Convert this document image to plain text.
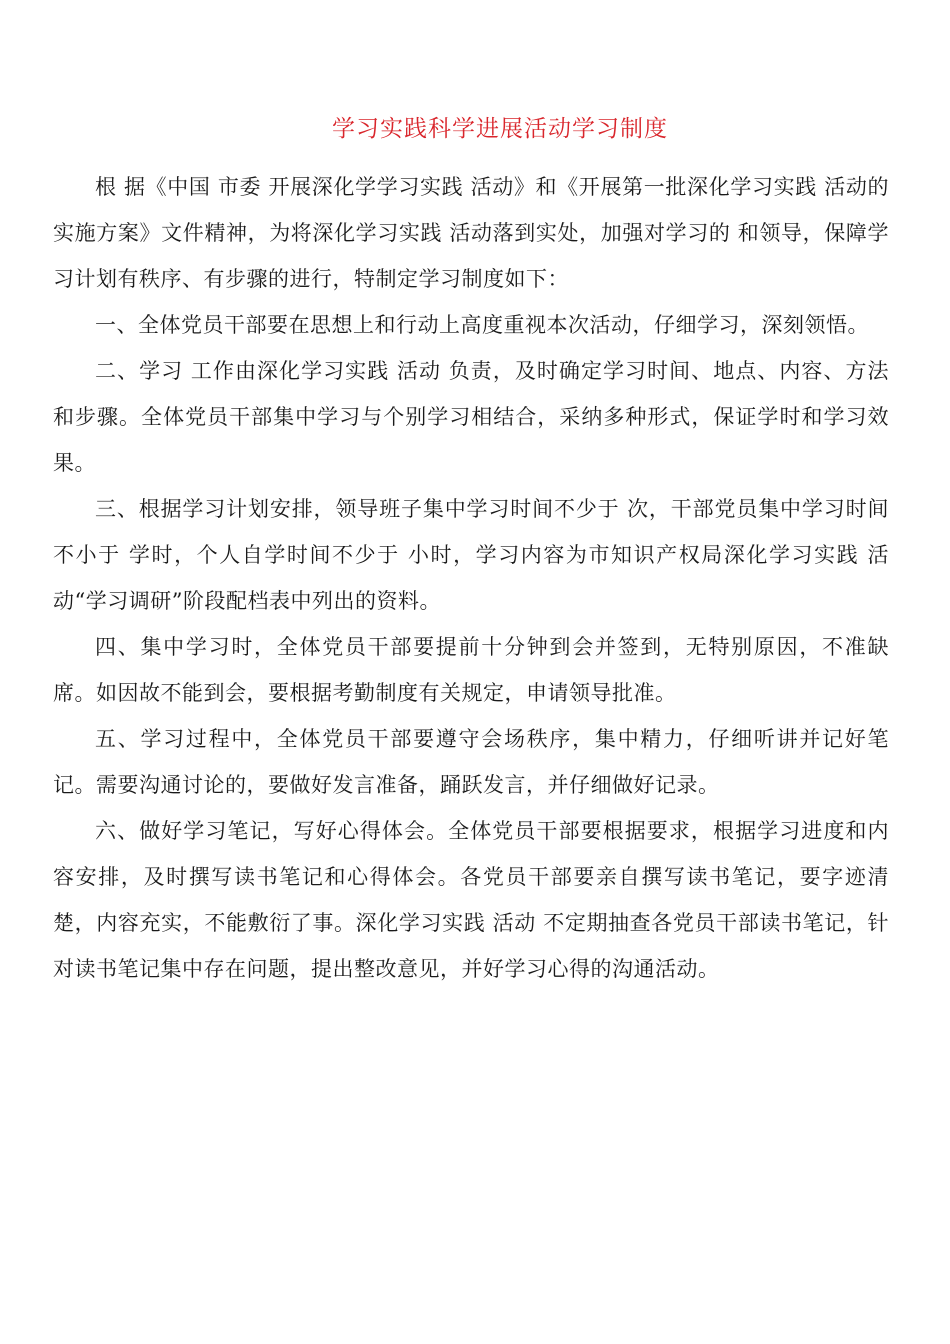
学习实践科学进展活动学习制度

根 据《中国 市委 开展深化学学习实践 活动》和《开展第一批深化学习实践 活动的实施方案》文件精神，为将深化学习实践 活动落到实处，加强对学习的 和领导，保障学习计划有秩序、有步骤的进行，特制定学习制度如下：

一、全体党员干部要在思想上和行动上高度重视本次活动，仔细学习，深刻领悟。

二、学习 工作由深化学习实践 活动 负责，及时确定学习时间、地点、内容、方法和步骤。全体党员干部集中学习与个别学习相结合，采纳多种形式，保证学时和学习效果。

三、根据学习计划安排，领导班子集中学习时间不少于 次，干部党员集中学习时间不小于 学时，个人自学时间不少于 小时，学习内容为市知识产权局深化学习实践 活动“学习调研”阶段配档表中列出的资料。

四、集中学习时，全体党员干部要提前十分钟到会并签到，无特别原因，不准缺席。如因故不能到会，要根据考勤制度有关规定，申请领导批准。

五、学习过程中，全体党员干部要遵守会场秩序，集中精力，仔细听讲并记好笔记。需要沟通讨论的，要做好发言准备，踊跃发言，并仔细做好记录。

六、做好学习笔记，写好心得体会。全体党员干部要根据要求，根据学习进度和内容安排，及时撰写读书笔记和心得体会。各党员干部要亲自撰写读书笔记，要字迹清楚，内容充实，不能敷衍了事。深化学习实践 活动 不定期抽查各党员干部读书笔记，针对读书笔记集中存在问题，提出整改意见，并好学习心得的沟通活动。
